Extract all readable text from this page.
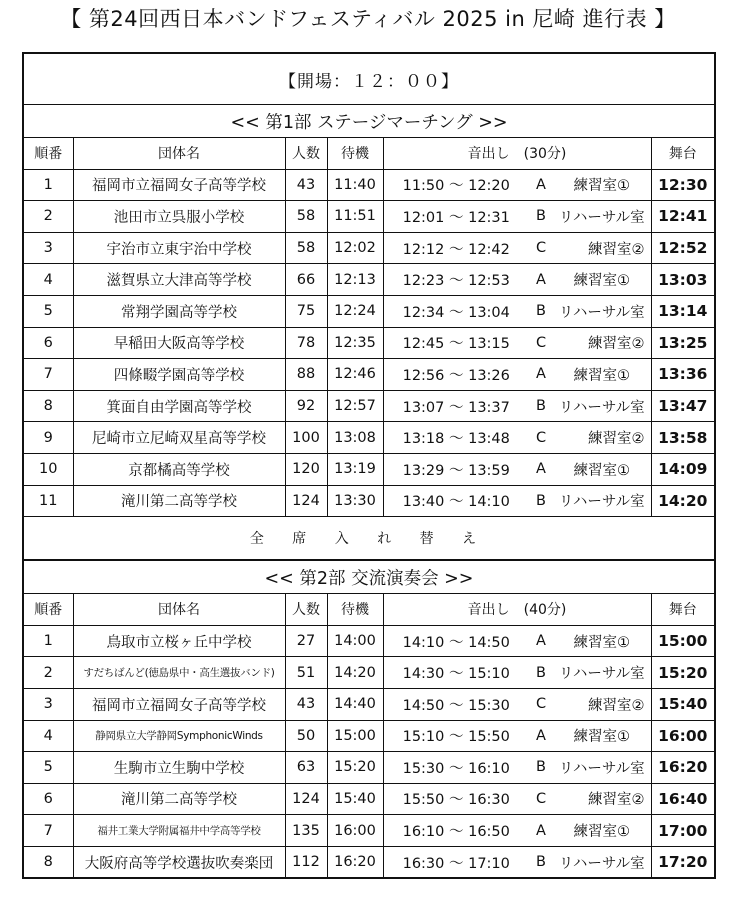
【 第24回西日本バンドフェスティバル 2025 in 尼崎 進行表 】
【開場：１２：００】							
<< 第1部 ステージマーチング >>							
順番	団体名	人数	待機	音出し　(30分)			舞台
1	福岡市立福岡女子高等学校	43	11:40	11:50 〜 12:20	A	練習室①	12:30
2	池田市立呉服小学校	58	11:51	12:01 〜 12:31	B	リハーサル室	12:41
3	宇治市立東宇治中学校	58	12:02	12:12 〜 12:42	C	練習室②	12:52
4	滋賀県立大津高等学校	66	12:13	12:23 〜 12:53	A	練習室①	13:03
5	常翔学園高等学校	75	12:24	12:34 〜 13:04	B	リハーサル室	13:14
6	早稲田大阪高等学校	78	12:35	12:45 〜 13:15	C	練習室②	13:25
7	四條畷学園高等学校	88	12:46	12:56 〜 13:26	A	練習室①	13:36
8	箕面自由学園高等学校	92	12:57	13:07 〜 13:37	B	リハーサル室	13:47
9	尼崎市立尼崎双星高等学校	100	13:08	13:18 〜 13:48	C	練習室②	13:58
10	京都橘高等学校	120	13:19	13:29 〜 13:59	A	練習室①	14:09
11	滝川第二高等学校	124	13:30	13:40 〜 14:10	B	リハーサル室	14:20
全 席 入 れ 替 え							
<< 第2部 交流演奏会 >>							
順番	団体名	人数	待機	音出し　(40分)			舞台
1	鳥取市立桜ヶ丘中学校	27	14:00	14:10 〜 14:50	A	練習室①	15:00
2	すだちばんど(徳島県中・高生選抜バンド)	51	14:20	14:30 〜 15:10	B	リハーサル室	15:20
3	福岡市立福岡女子高等学校	43	14:40	14:50 〜 15:30	C	練習室②	15:40
4	静岡県立大学静岡SymphonicWinds	50	15:00	15:10 〜 15:50	A	練習室①	16:00
5	生駒市立生駒中学校	63	15:20	15:30 〜 16:10	B	リハーサル室	16:20
6	滝川第二高等学校	124	15:40	15:50 〜 16:30	C	練習室②	16:40
7	福井工業大学附属福井中学高等学校	135	16:00	16:10 〜 16:50	A	練習室①	17:00
8	大阪府高等学校選抜吹奏楽団	112	16:20	16:30 〜 17:10	B	リハーサル室	17:20
